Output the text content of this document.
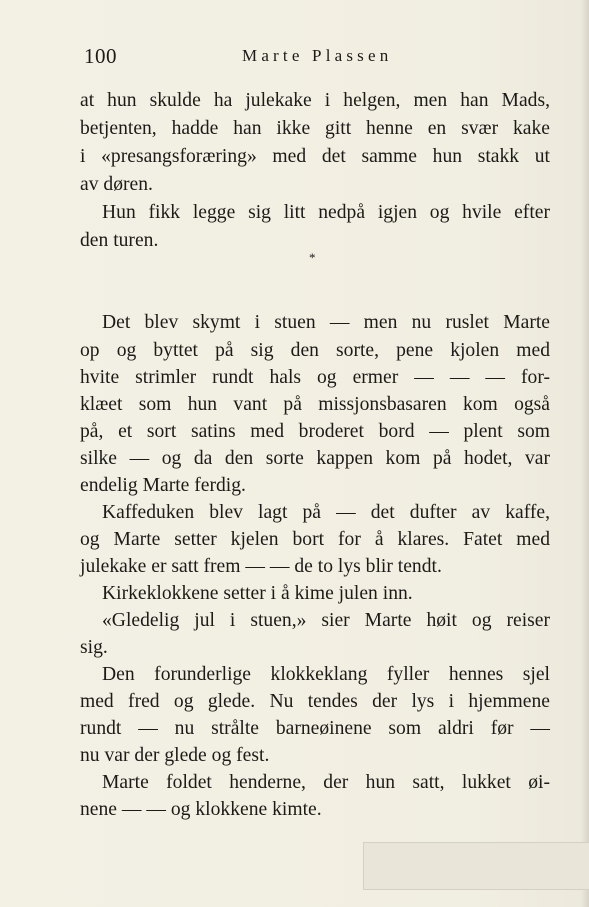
100	Marte Plassen
at hun skulde ha julekake i helgen, men han Mads,
betjenten, hadde han ikke gitt henne en svær kake
i «presangsforæring» med det samme hun stakk ut
av døren.
Hun fikk legge sig litt nedpå igjen og hvile efter
den turen.
Det blev skymt i stuen — men nu ruslet Marte
op og byttet på sig den sorte, pene kjolen med
hvite strimler rundt hals og ermer — — — for-
klæet som hun vant på missjonsbasaren kom også
på, et sort satins med broderet bord — plent som
silke — og da den sorte kappen kom på hodet, var
endelig Marte ferdig.
Kaffeduken blev lagt på — det dufter av kaffe,
og Marte setter kjelen bort for å klares. Fatet med
julekake er satt frem — — de to lys blir tendt.
Kirkeklokkene setter i å kime julen inn.
«Gledelig jul i stuen,» sier Marte høit og reiser
sig.
Den forunderlige klokkeklang fyller hennes sjel
med fred og glede. Nu tendes der lys i hjemmene
rundt — nu strålte barneøinene som aldri før —
nu var der glede og fest.
Marte foldet henderne, der hun satt, lukket øi-
nene — — og klokkene kimte.
*
